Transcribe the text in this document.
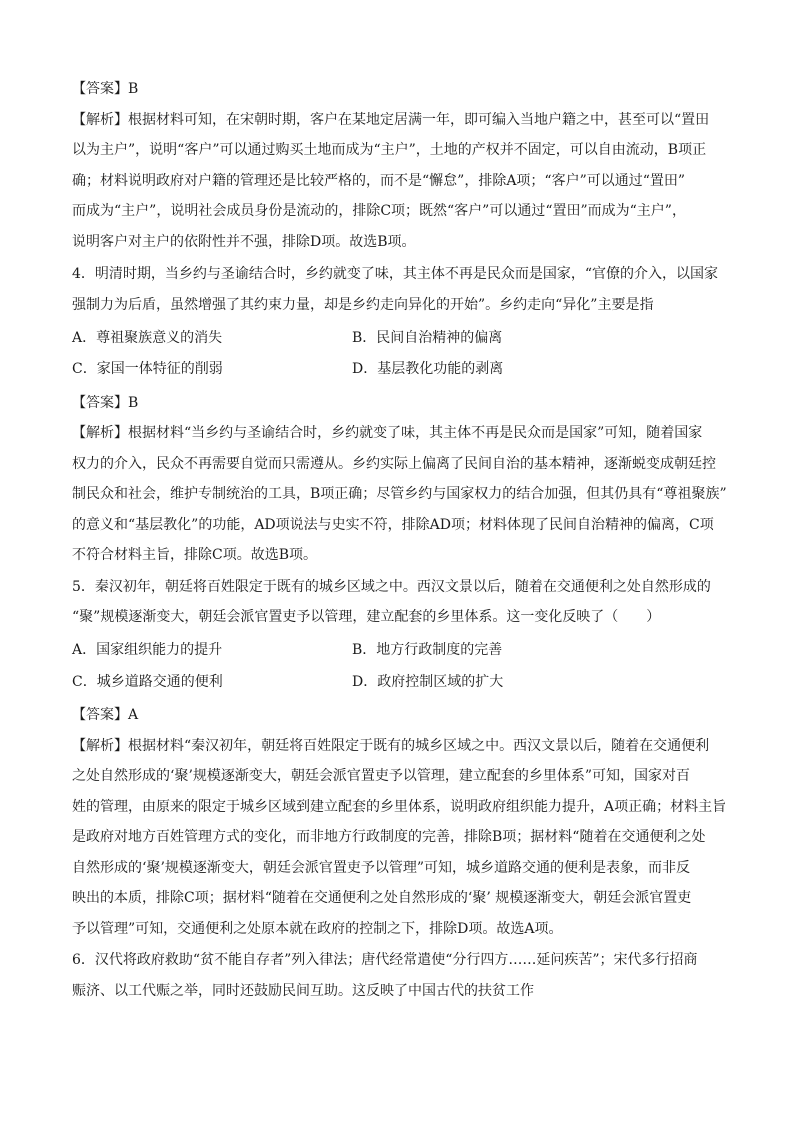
【答案】B
【解析】根据材料可知，在宋朝时期，客户在某地定居满一年，即可编入当地户籍之中，甚至可以“置田
以为主户”，说明“客户”可以通过购买土地而成为“主户”，土地的产权并不固定，可以自由流动，B项正
确；材料说明政府对户籍的管理还是比较严格的，而不是“懈怠”，排除A项；“客户”可以通过“置田”
而成为“主户”，说明社会成员身份是流动的，排除C项；既然“客户”可以通过“置田”而成为“主户”，
说明客户对主户的依附性并不强，排除D项。故选B项。
4．明清时期，当乡约与圣谕结合时，乡约就变了味，其主体不再是民众而是国家，“官僚的介入，以国家
强制力为后盾，虽然增强了其约束力量，却是乡约走向异化的开始”。乡约走向“异化”主要是指
A．尊祖聚族意义的消失	B．民间自治精神的偏离
C．家国一体特征的削弱	D．基层教化功能的剥离
【答案】B
【解析】根据材料“当乡约与圣谕结合时，乡约就变了味，其主体不再是民众而是国家”可知，随着国家
权力的介入，民众不再需要自觉而只需遵从。乡约实际上偏离了民间自治的基本精神，逐渐蜕变成朝廷控
制民众和社会，维护专制统治的工具，B项正确；尽管乡约与国家权力的结合加强，但其仍具有“尊祖聚族”
的意义和“基层教化”的功能，AD项说法与史实不符，排除AD项；材料体现了民间自治精神的偏离，C项
不符合材料主旨，排除C项。故选B项。
5．秦汉初年，朝廷将百姓限定于既有的城乡区域之中。西汉文景以后，随着在交通便利之处自然形成的
“聚”规模逐渐变大，朝廷会派官置吏予以管理，建立配套的乡里体系。这一变化反映了（　　）
A．国家组织能力的提升	B．地方行政制度的完善
C．城乡道路交通的便利	D．政府控制区域的扩大
【答案】A
【解析】根据材料“秦汉初年，朝廷将百姓限定于既有的城乡区域之中。西汉文景以后，随着在交通便利
之处自然形成的‘聚’规模逐渐变大，朝廷会派官置吏予以管理，建立配套的乡里体系”可知，国家对百
姓的管理，由原来的限定于城乡区域到建立配套的乡里体系，说明政府组织能力提升，A项正确；材料主旨
是政府对地方百姓管理方式的变化，而非地方行政制度的完善，排除B项；据材料“随着在交通便利之处
自然形成的‘聚’规模逐渐变大，朝廷会派官置吏予以管理”可知，城乡道路交通的便利是表象，而非反
映出的本质，排除C项；据材料“随着在交通便利之处自然形成的‘聚’ 规模逐渐变大，朝廷会派官置吏
予以管理”可知，交通便利之处原本就在政府的控制之下，排除D项。故选A项。
6．汉代将政府救助“贫不能自存者”列入律法；唐代经常遣使“分行四方……延问疾苦”；宋代多行招商
赈济、以工代赈之举，同时还鼓励民间互助。这反映了中国古代的扶贫工作
